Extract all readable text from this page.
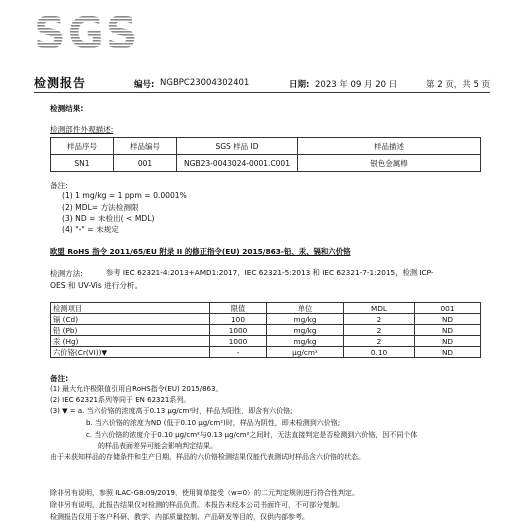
SGS
检测报告	编号: NGBPC23004302401	日期: 2023 年 09 月 20 日	第 2 页，共 5 页
检测结果:
检测部件外观描述:
样品序号	样品编号	SGS 样品 ID	样品描述
SN1	001	NGB23-0043024-0001.C001	银色金属棒
备注:
(1) 1 mg/kg = 1 ppm = 0.0001%
(2) MDL= 方法检测限
(3) ND = 未检出( < MDL)
(4) "-" = 未规定
欧盟 RoHS 指令 2011/65/EU 附录 II 的修正指令(EU) 2015/863-铅、汞、镉和六价铬
检测方法:	参考 IEC 62321-4:2013+AMD1:2017，IEC 62321-5:2013 和 IEC 62321-7-1:2015，检测 ICP-
OES 和 UV-Vis 进行分析。
检测项目	限值	单位	MDL	001
镉 (Cd)	100	mg/kg	2	ND
铅 (Pb)	1000	mg/kg	2	ND
汞 (Hg)	1000	mg/kg	2	ND
六价铬(Cr(VI))▼	-	μg/cm²	0.10	ND
备注:
(1) 最大允许极限值引用自RoHS指令(EU) 2015/863。
(2) IEC 62321系列等同于 EN 62321系列。
(3) ▼ = a. 当六价铬的浓度高于0.13 μg/cm²时，样品为阳性，即含有六价铬;
b. 当六价铬的浓度为ND (低于0.10 μg/cm²)时，样品为阴性，即未检测到六价铬;
c. 当六价铬的浓度介于0.10 μg/cm²与0.13 μg/cm²之间时，无法直接判定是否检测到六价铬，因不同个体
的样品表面差异可能会影响判定结果。
由于未获知样品的存储条件和生产日期，样品的六价铬检测结果仅能代表测试时样品含六价铬的状态。
除非另有说明，参照 ILAC-G8:09/2019，使用简单接受（w=0）的二元判定规则进行符合性判定。
除非另有说明，此报告结果仅对检测的样品负责。本报告未经本公司书面许可，不可部分复制。
检测报告仅用于客户科研、教学、内部质量控制、产品研发等目的，仅供内部参考。
